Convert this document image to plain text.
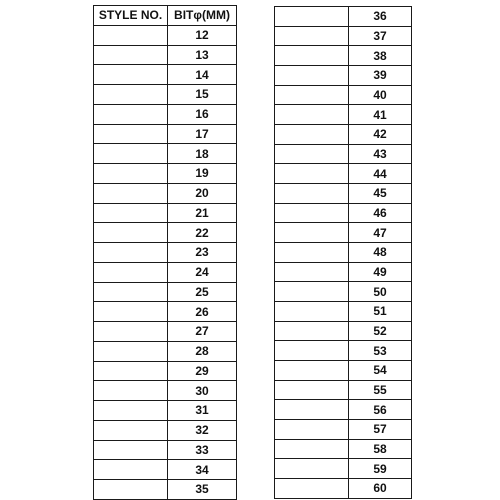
STYLE NO.	BITφ(MM)
	12
	13
	14
	15
	16
	17
	18
	19
	20
	21
	22
	23
	24
	25
	26
	27
	28
	29
	30
	31
	32
	33
	34
	35
	36
	37
	38
	39
	40
	41
	42
	43
	44
	45
	46
	47
	48
	49
	50
	51
	52
	53
	54
	55
	56
	57
	58
	59
	60
